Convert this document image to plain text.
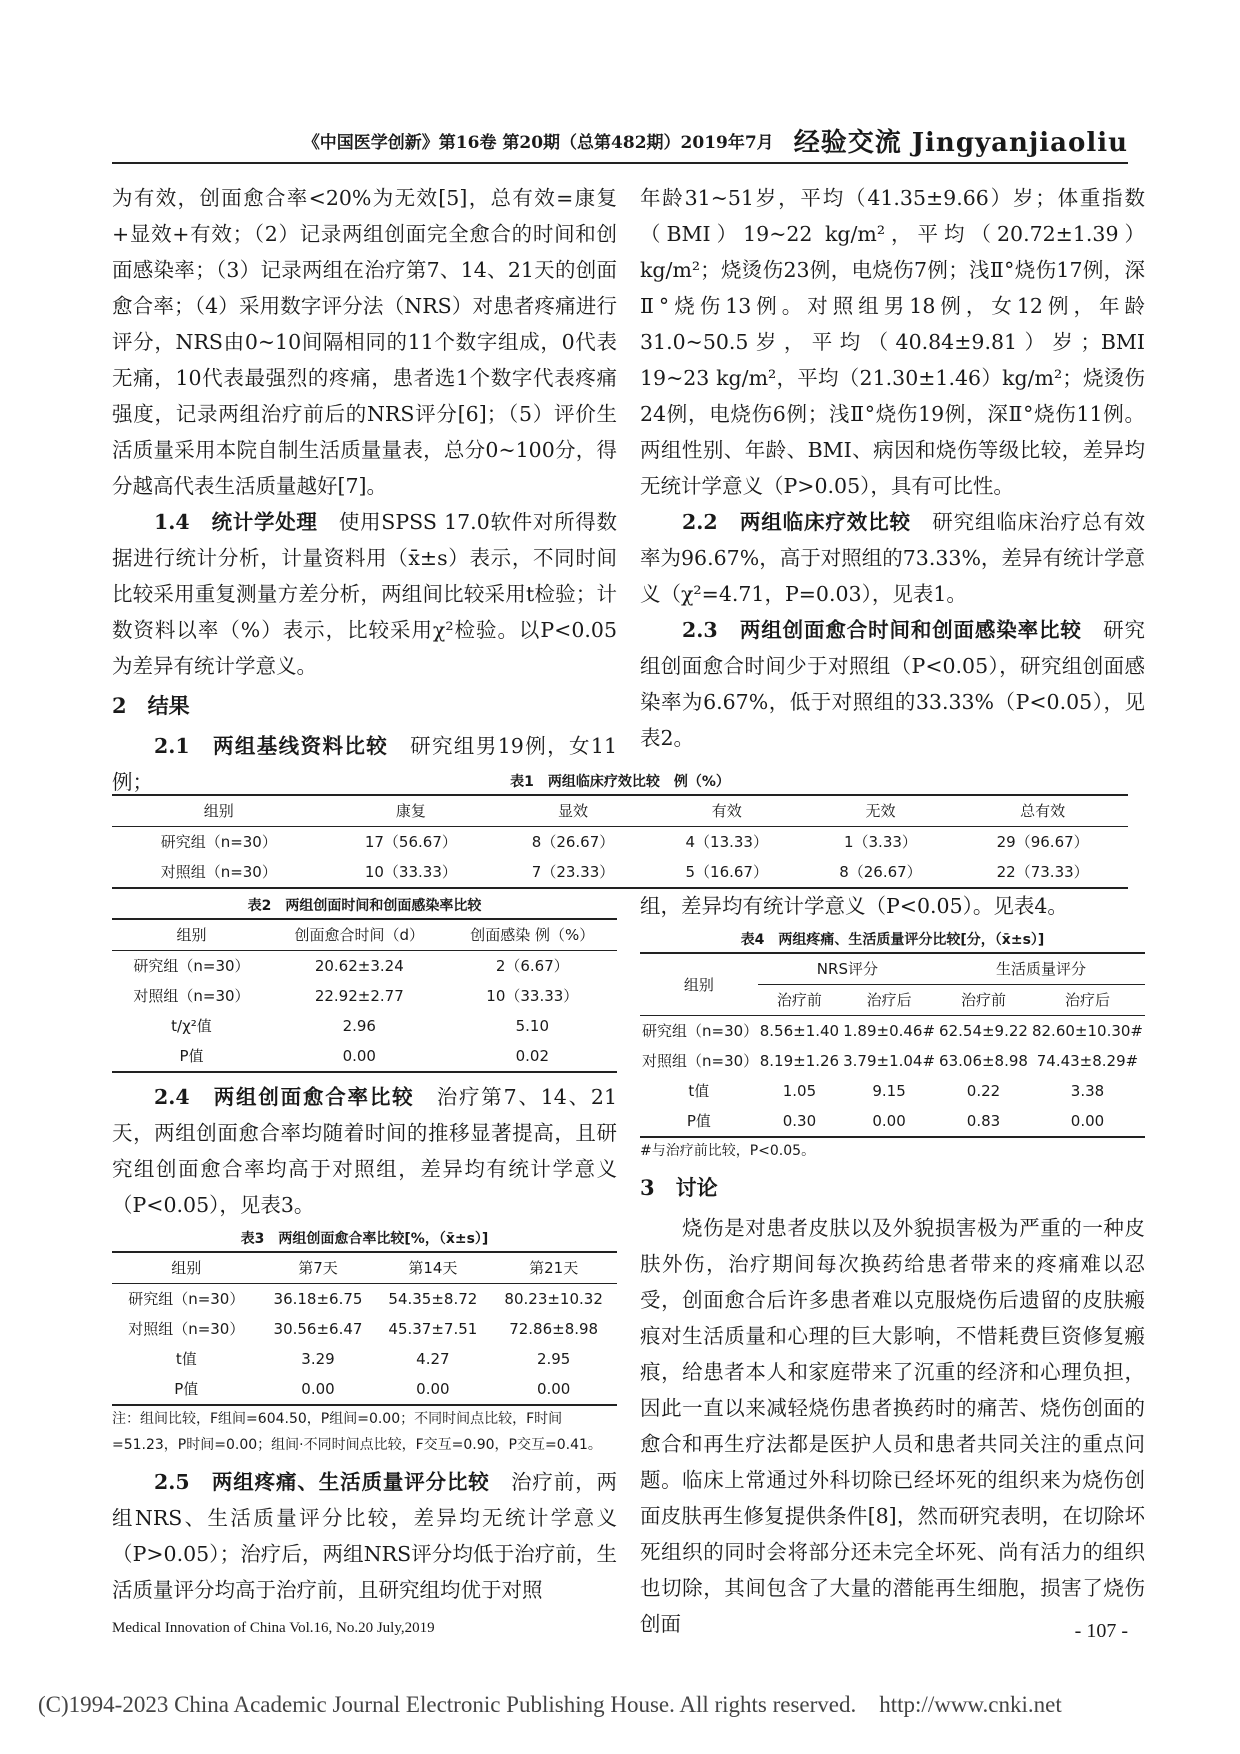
《中国医学创新》第16卷 第20期（总第482期）2019年7月 经验交流 Jingyanjiaoliu

为有效，创面愈合率<20%为无效[5]，总有效=康复+显效+有效；（2）记录两组创面完全愈合的时间和创面感染率；（3）记录两组在治疗第7、14、21天的创面愈合率；（4）采用数字评分法（NRS）对患者疼痛进行评分，NRS由0~10间隔相同的11个数字组成，0代表无痛，10代表最强烈的疼痛，患者选1个数字代表疼痛强度，记录两组治疗前后的NRS评分[6]；（5）评价生活质量采用本院自制生活质量量表，总分0~100分，得分越高代表生活质量越好[7]。

1.4　统计学处理　 使用SPSS 17.0软件对所得数据进行统计分析，计量资料用（x̄±s）表示，不同时间比较采用重复测量方差分析，两组间比较采用t检验；计数资料以率（%）表示，比较采用χ²检验。以P<0.05为差异有统计学意义。

2　结果

2.1　两组基线资料比较　 研究组男19例，女11例；

年龄31~51岁，平均（41.35±9.66）岁；体重指数（BMI）19~22 kg/m²，平均（20.72±1.39）kg/m²；烧烫伤23例，电烧伤7例；浅Ⅱ°烧伤17例，深Ⅱ°烧伤13例。对照组男18例，女12例，年龄31.0~50.5岁，平均（40.84±9.81）岁；BMI 19~23 kg/m²，平均（21.30±1.46）kg/m²；烧烫伤24例，电烧伤6例；浅Ⅱ°烧伤19例，深Ⅱ°烧伤11例。两组性别、年龄、BMI、病因和烧伤等级比较，差异均无统计学意义（P>0.05），具有可比性。

2.2　两组临床疗效比较　 研究组临床治疗总有效率为96.67%，高于对照组的73.33%，差异有统计学意义（χ²=4.71，P=0.03），见表1。

2.3　两组创面愈合时间和创面感染率比较　 研究组创面愈合时间少于对照组（P<0.05），研究组创面感染率为6.67%，低于对照组的33.33%（P<0.05），见表2。

表1　两组临床疗效比较　例（%）
组别	康复	显效	有效	无效	总有效
研究组（n=30）	17（56.67）	8（26.67）	4（13.33）	1（3.33）	29（96.67）
对照组（n=30）	10（33.33）	7（23.33）	5（16.67）	8（26.67）	22（73.33）
表2　两组创面时间和创面感染率比较
组别	创面愈合时间（d）	创面感染 例（%）
研究组（n=30）	20.62±3.24	2（6.67）
对照组（n=30）	22.92±2.77	10（33.33）
t/χ²值	2.96	5.10
P值	0.00	0.02

2.4　两组创面愈合率比较　 治疗第7、14、21天，两组创面愈合率均随着时间的推移显著提高，且研究组创面愈合率均高于对照组，差异均有统计学意义（P<0.05），见表3。

表3　两组创面愈合率比较[%，（x̄±s）]
组别	第7天	第14天	第21天
研究组（n=30）	36.18±6.75	54.35±8.72	80.23±10.32
对照组（n=30）	30.56±6.47	45.37±7.51	72.86±8.98
t值	3.29	4.27	2.95
P值	0.00	0.00	0.00
注：组间比较，F组间=604.50，P组间=0.00；不同时间点比较，F时间=51.23，P时间=0.00；组间·不同时间点比较，F交互=0.90，P交互=0.41。

2.5　两组疼痛、生活质量评分比较　 治疗前，两组NRS、生活质量评分比较，差异均无统计学意义（P>0.05）；治疗后，两组NRS评分均低于治疗前，生活质量评分均高于治疗前，且研究组均优于对照

组，差异均有统计学意义（P<0.05）。见表4。

表4　两组疼痛、生活质量评分比较[分，（x̄±s）]
组别	NRS评分		生活质量评分	
	治疗前	治疗后	治疗前	治疗后
研究组（n=30）	8.56±1.40	1.89±0.46#	62.54±9.22	82.60±10.30#
对照组（n=30）	8.19±1.26	3.79±1.04#	63.06±8.98	74.43±8.29#
t值	1.05	9.15	0.22	3.38
P值	0.30	0.00	0.83	0.00
#与治疗前比较，P<0.05。

3　讨论

烧伤是对患者皮肤以及外貌损害极为严重的一种皮肤外伤，治疗期间每次换药给患者带来的疼痛难以忍受，创面愈合后许多患者难以克服烧伤后遗留的皮肤瘢痕对生活质量和心理的巨大影响，不惜耗费巨资修复瘢痕，给患者本人和家庭带来了沉重的经济和心理负担，因此一直以来减轻烧伤患者换药时的痛苦、烧伤创面的愈合和再生疗法都是医护人员和患者共同关注的重点问题。临床上常通过外科切除已经坏死的组织来为烧伤创面皮肤再生修复提供条件[8]，然而研究表明，在切除坏死组织的同时会将部分还未完全坏死、尚有活力的组织也切除，其间包含了大量的潜能再生细胞，损害了烧伤创面

Medical Innovation of China Vol.16, No.20 July,2019	- 107 -
(C)1994-2023 China Academic Journal Electronic Publishing House. All rights reserved.　http://www.cnki.net
